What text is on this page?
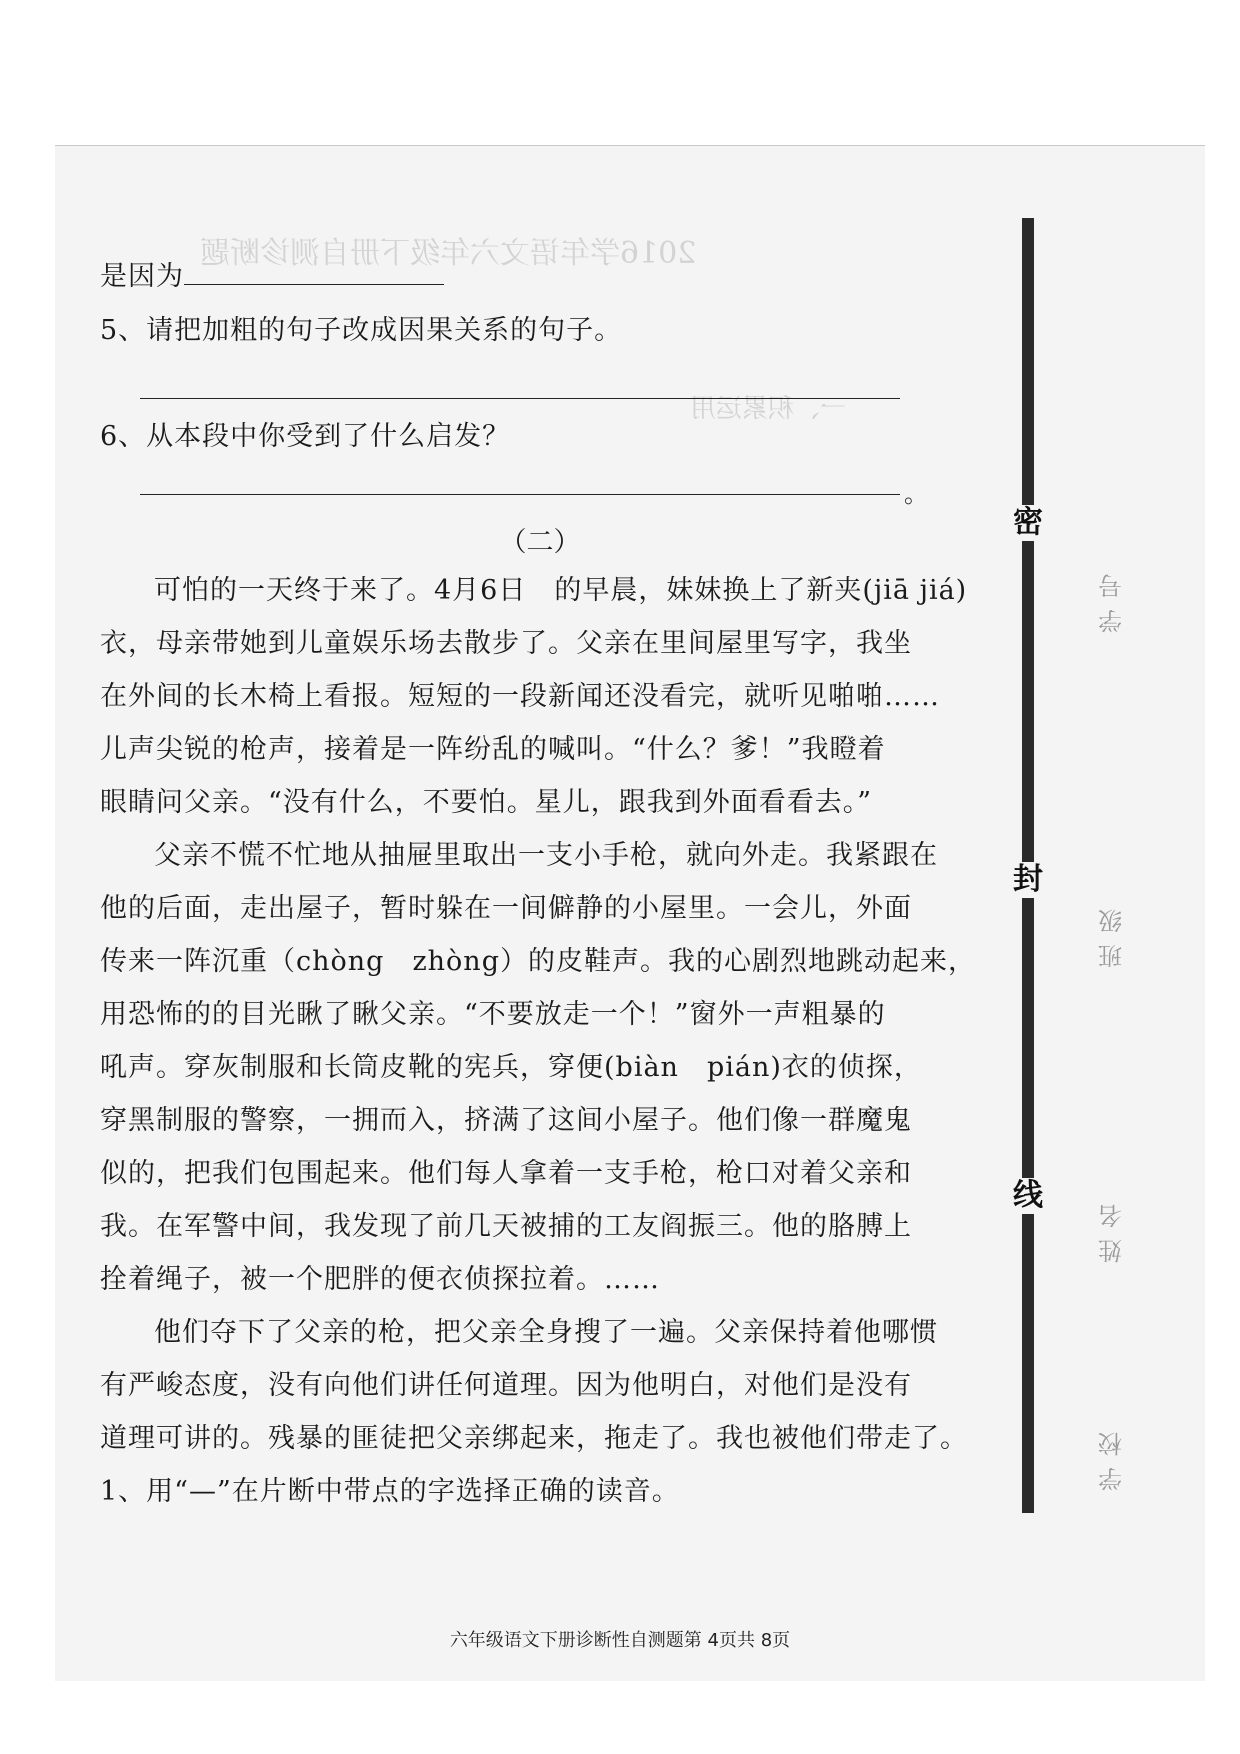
2016学年语文六年级下册自测诊断题
一、积累运用
是因为
5、请把加粗的句子改成因果关系的句子。
6、从本段中你受到了什么启发？
。
（二）
可怕的一天终于来了。4月6日　的早晨，妹妹换上了新夹(jiā jiá)
衣，母亲带她到儿童娱乐场去散步了。父亲在里间屋里写字，我坐
在外间的长木椅上看报。短短的一段新闻还没看完，就听见啪啪……
儿声尖锐的枪声，接着是一阵纷乱的喊叫。“什么？爹！”我瞪着
眼睛问父亲。“没有什么，不要怕。星儿，跟我到外面看看去。”
父亲不慌不忙地从抽屉里取出一支小手枪，就向外走。我紧跟在
他的后面，走出屋子，暂时躲在一间僻静的小屋里。一会儿，外面
传来一阵沉重（chòng　zhòng）的皮鞋声。我的心剧烈地跳动起来，
用恐怖的的目光瞅了瞅父亲。“不要放走一个！”窗外一声粗暴的
吼声。穿灰制服和长筒皮靴的宪兵，穿便(biàn　pián)衣的侦探，
穿黑制服的警察，一拥而入，挤满了这间小屋子。他们像一群魔鬼
似的，把我们包围起来。他们每人拿着一支手枪，枪口对着父亲和
我。在军警中间，我发现了前几天被捕的工友阎振三。他的胳膊上
拴着绳子，被一个肥胖的便衣侦探拉着。……
他们夺下了父亲的枪，把父亲全身搜了一遍。父亲保持着他哪惯
有严峻态度，没有向他们讲任何道理。因为他明白，对他们是没有
道理可讲的。残暴的匪徒把父亲绑起来，拖走了。我也被他们带走了。
1、用“—”在片断中带点的字选择正确的读音。
密
封
线
学号
班级
姓名
学校
六年级语文下册诊断性自测题第 4页共 8页
